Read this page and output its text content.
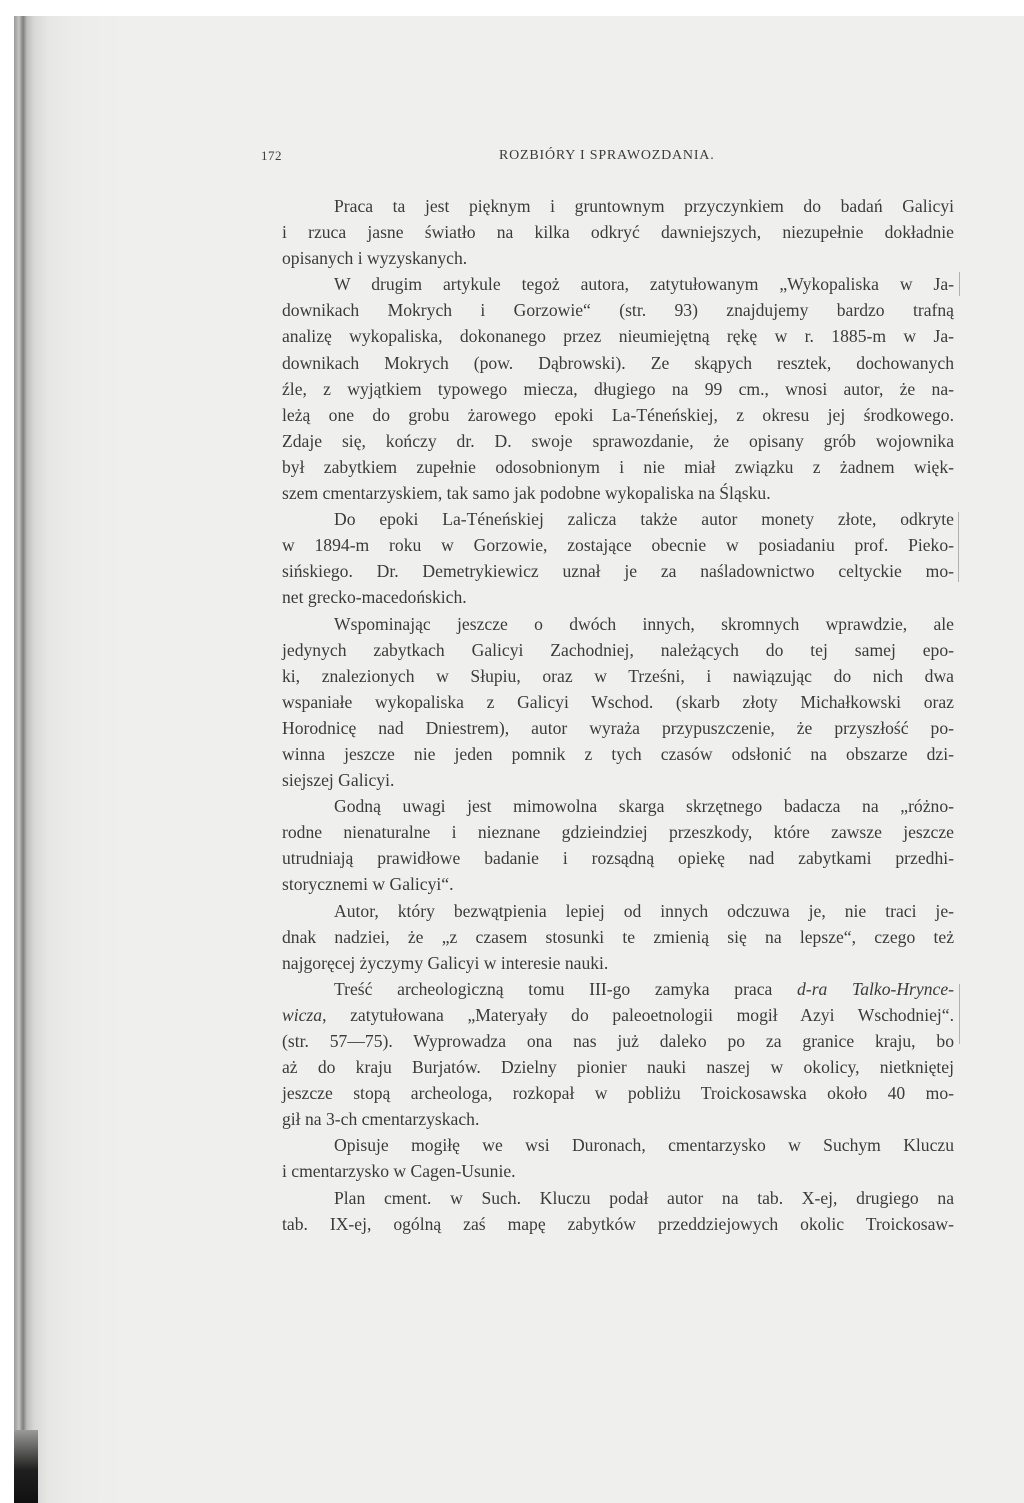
172	ROZBIÓRY I SPRAWOZDANIA.
Praca ta jest pięknym i gruntownym przyczynkiem do badań Galicyi
i rzuca jasne światło na kilka odkryć dawniejszych, niezupełnie dokładnie
opisanych i wyzyskanych.
W drugim artykule tegoż autora, zatytułowanym „Wykopaliska w Ja-
downikach Mokrych i Gorzowie“ (str. 93) znajdujemy bardzo trafną
analizę wykopaliska, dokonanego przez nieumiejętną rękę w r. 1885-m w Ja-
downikach Mokrych (pow. Dąbrowski). Ze skąpych resztek, dochowanych
źle, z wyjątkiem typowego miecza, długiego na 99 cm., wnosi autor, że na-
leżą one do grobu żarowego epoki La-Téneńskiej, z okresu jej środkowego.
Zdaje się, kończy dr. D. swoje sprawozdanie, że opisany grób wojownika
był zabytkiem zupełnie odosobnionym i nie miał związku z żadnem więk-
szem cmentarzyskiem, tak samo jak podobne wykopaliska na Śląsku.
Do epoki La-Téneńskiej zalicza także autor monety złote, odkryte
w 1894-m roku w Gorzowie, zostające obecnie w posiadaniu prof. Pieko-
sińskiego. Dr. Demetrykiewicz uznał je za naśladownictwo celtyckie mo-
net grecko-macedońskich.
Wspominając jeszcze o dwóch innych, skromnych wprawdzie, ale
jedynych zabytkach Galicyi Zachodniej, należących do tej samej epo-
ki, znalezionych w Słupiu, oraz w Trześni, i nawiązując do nich dwa
wspaniałe wykopaliska z Galicyi Wschod. (skarb złoty Michałkowski oraz
Horodnicę nad Dniestrem), autor wyraża przypuszczenie, że przyszłość po-
winna jeszcze nie jeden pomnik z tych czasów odsłonić na obszarze dzi-
siejszej Galicyi.
Godną uwagi jest mimowolna skarga skrzętnego badacza na „różno-
rodne nienaturalne i nieznane gdzieindziej przeszkody, które zawsze jeszcze
utrudniają prawidłowe badanie i rozsądną opiekę nad zabytkami przedhi-
storycznemi w Galicyi“.
Autor, który bezwątpienia lepiej od innych odczuwa je, nie traci je-
dnak nadziei, że „z czasem stosunki te zmienią się na lepsze“, czego też
najgoręcej życzymy Galicyi w interesie nauki.
Treść archeologiczną tomu III-go zamyka praca d-ra Talko-Hrynce-
wicza, zatytułowana „Materyały do paleoetnologii mogił Azyi Wschodniej“.
(str. 57—75). Wyprowadza ona nas już daleko po za granice kraju, bo
aż do kraju Burjatów. Dzielny pionier nauki naszej w okolicy, nietkniętej
jeszcze stopą archeologa, rozkopał w pobliżu Troickosawska około 40 mo-
gił na 3-ch cmentarzyskach.
Opisuje mogiłę we wsi Duronach, cmentarzysko w Suchym Kluczu
i cmentarzysko w Cagen-Usunie.
Plan cment. w Such. Kluczu podał autor na tab. X-ej, drugiego na
tab. IX-ej, ogólną zaś mapę zabytków przeddziejowych okolic Troickosaw-
